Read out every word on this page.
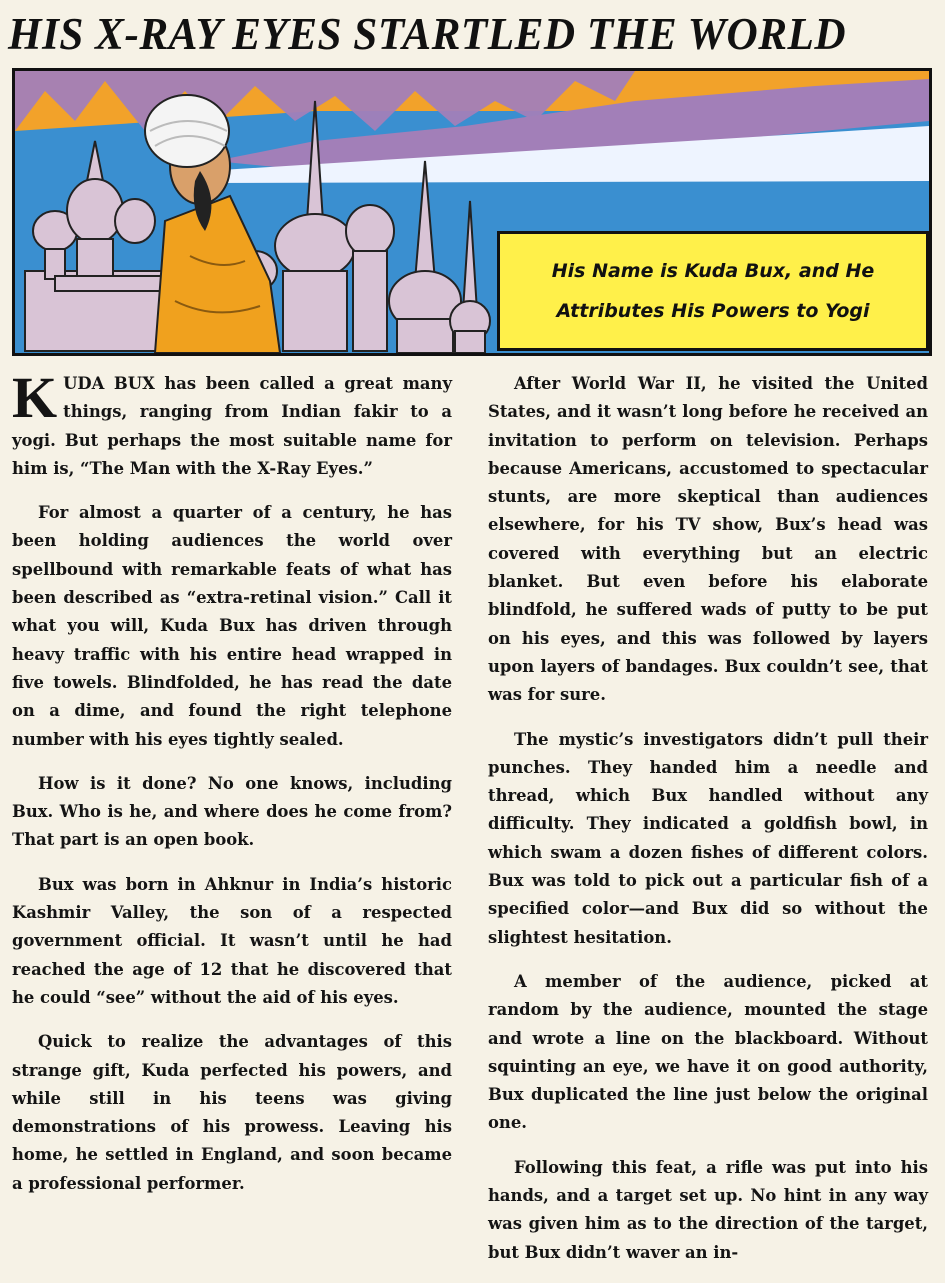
HIS X-RAY EYES STARTLED THE WORLD
His Name is Kuda Bux, and He
Attributes His Powers to Yogi

KUDA BUX has been called a great many things, ranging from Indian fakir to a yogi. But perhaps the most suitable name for him is, “The Man with the X-Ray Eyes.”

For almost a quarter of a century, he has been holding audiences the world over spellbound with remarkable feats of what has been described as “extra-retinal vision.” Call it what you will, Kuda Bux has driven through heavy traffic with his entire head wrapped in five towels. Blindfolded, he has read the date on a dime, and found the right telephone number with his eyes tightly sealed.

How is it done? No one knows, including Bux. Who is he, and where does he come from? That part is an open book.

Bux was born in Ahknur in India’s historic Kashmir Valley, the son of a respected government official. It wasn’t until he had reached the age of 12 that he discovered that he could “see” without the aid of his eyes.

Quick to realize the advantages of this strange gift, Kuda perfected his powers, and while still in his teens was giving demonstrations of his prowess. Leaving his home, he settled in England, and soon became a professional performer.

After World War II, he visited the United States, and it wasn’t long before he received an invitation to perform on television. Perhaps because Americans, accustomed to spectacular stunts, are more skeptical than audiences elsewhere, for his TV show, Bux’s head was covered with everything but an electric blanket. But even before his elaborate blindfold, he suffered wads of putty to be put on his eyes, and this was followed by layers upon layers of bandages. Bux couldn’t see, that was for sure.

The mystic’s investigators didn’t pull their punches. They handed him a needle and thread, which Bux handled without any difficulty. They indicated a goldfish bowl, in which swam a dozen fishes of different colors. Bux was told to pick out a particular fish of a specified color—and Bux did so without the slightest hesitation.

A member of the audience, picked at random by the audience, mounted the stage and wrote a line on the blackboard. Without squinting an eye, we have it on good authority, Bux duplicated the line just below the original one.

Following this feat, a rifle was put into his hands, and a target set up. No hint in any way was given him as to the direction of the target, but Bux didn’t waver an in-
